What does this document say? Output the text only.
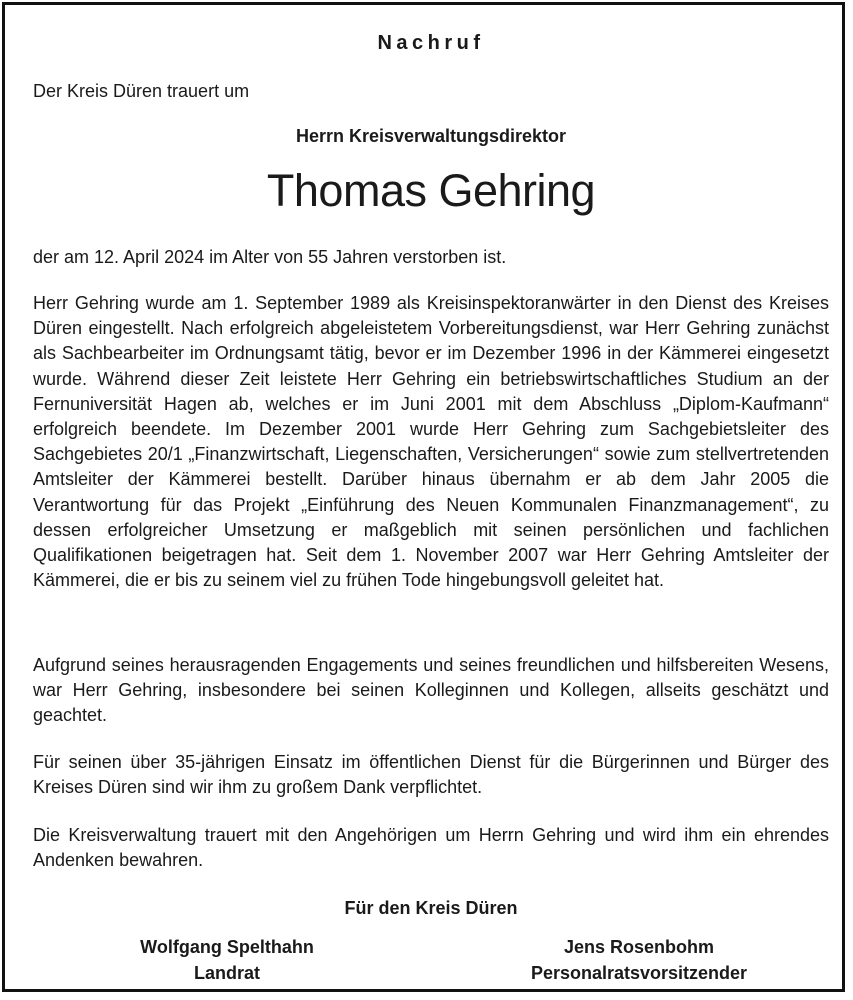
Nachruf
Der Kreis Düren trauert um
Herrn Kreisverwaltungsdirektor
Thomas Gehring
der am 12. April 2024 im Alter von 55 Jahren verstorben ist.

Herr Gehring wurde am 1. September 1989 als Kreisinspektoranwärter in den Dienst des Kreises Düren eingestellt. Nach erfolgreich abgeleistetem Vorbereitungsdienst, war Herr Gehring zunächst als Sachbearbeiter im Ordnungsamt tätig, bevor er im Dezember 1996 in der Kämmerei eingesetzt wurde. Während dieser Zeit leistete Herr Gehring ein betriebswirtschaftliches Studium an der Fernuniversität Hagen ab, welches er im Juni 2001 mit dem Abschluss „Diplom-Kaufmann“ erfolgreich beendete. Im Dezember 2001 wurde Herr Gehring zum Sachgebietsleiter des Sachgebietes 20/1 „Finanzwirtschaft, Liegenschaften, Versicherungen“ sowie zum stellvertretenden Amtsleiter der Kämmerei bestellt. Darüber hinaus übernahm er ab dem Jahr 2005 die Verantwortung für das Projekt „Einführung des Neuen Kommunalen Finanzmanagement“, zu dessen erfolgreicher Umsetzung er maßgeblich mit seinen persönlichen und fachlichen Qualifikationen beigetragen hat. Seit dem 1. November 2007 war Herr Gehring Amtsleiter der Kämmerei, die er bis zu seinem viel zu frühen Tode hingebungsvoll geleitet hat.

Aufgrund seines herausragenden Engagements und seines freundlichen und hilfsbereiten Wesens, war Herr Gehring, insbesondere bei seinen Kolleginnen und Kollegen, allseits geschätzt und geachtet.

Für seinen über 35-jährigen Einsatz im öffentlichen Dienst für die Bürgerinnen und Bürger des Kreises Düren sind wir ihm zu großem Dank verpflichtet.

Die Kreisverwaltung trauert mit den Angehörigen um Herrn Gehring und wird ihm ein ehrendes Andenken bewahren.

Für den Kreis Düren
Wolfgang Spelthahn
Landrat
Jens Rosenbohm
Personalratsvorsitzender
